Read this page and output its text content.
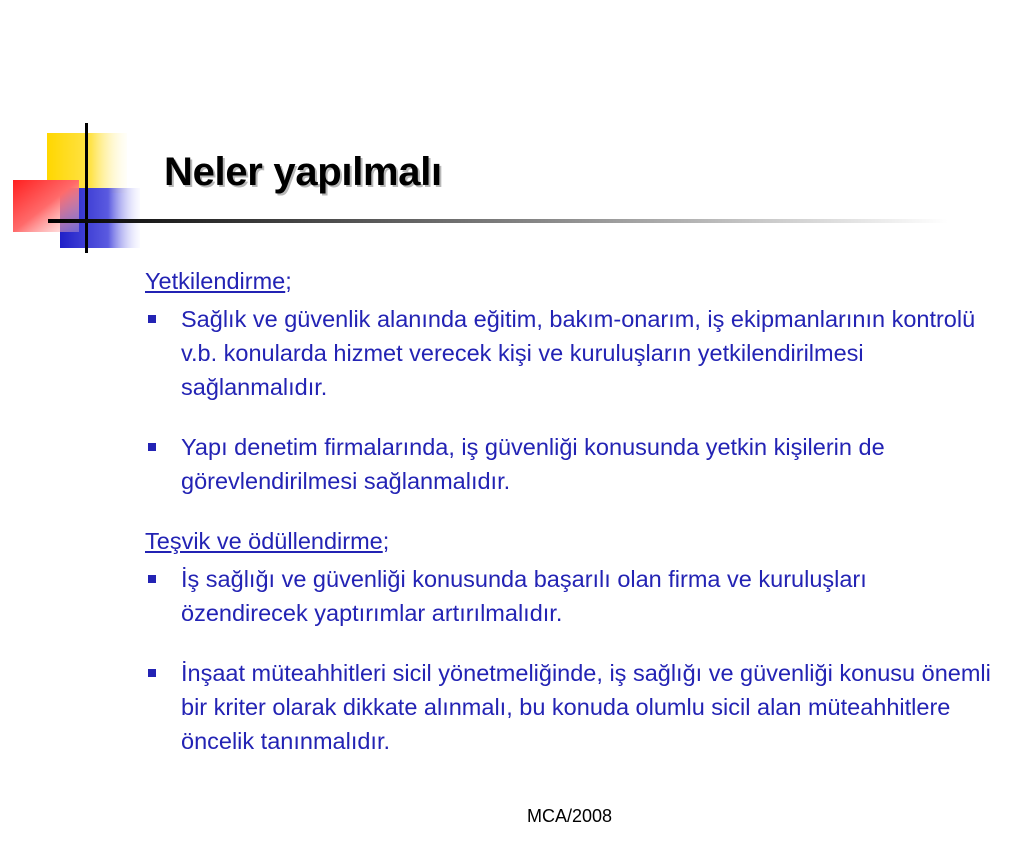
Neler yapılmalı

Yetkilendirme;

Sağlık ve güvenlik alanında eğitim, bakım-onarım, iş ekipmanlarının kontrolü v.b. konularda hizmet verecek kişi ve kuruluşların yetkilendirilmesi sağlanmalıdır.
Yapı denetim firmalarında, iş güvenliği konusunda yetkin kişilerin de görevlendirilmesi sağlanmalıdır.

Teşvik ve ödüllendirme;

İş sağlığı ve güvenliği konusunda başarılı olan firma ve kuruluşları özendirecek yaptırımlar artırılmalıdır.
İnşaat müteahhitleri sicil yönetmeliğinde, iş sağlığı ve güvenliği konusu önemli bir kriter olarak dikkate alınmalı, bu konuda olumlu sicil alan müteahhitlere öncelik tanınmalıdır.
MCA/2008
